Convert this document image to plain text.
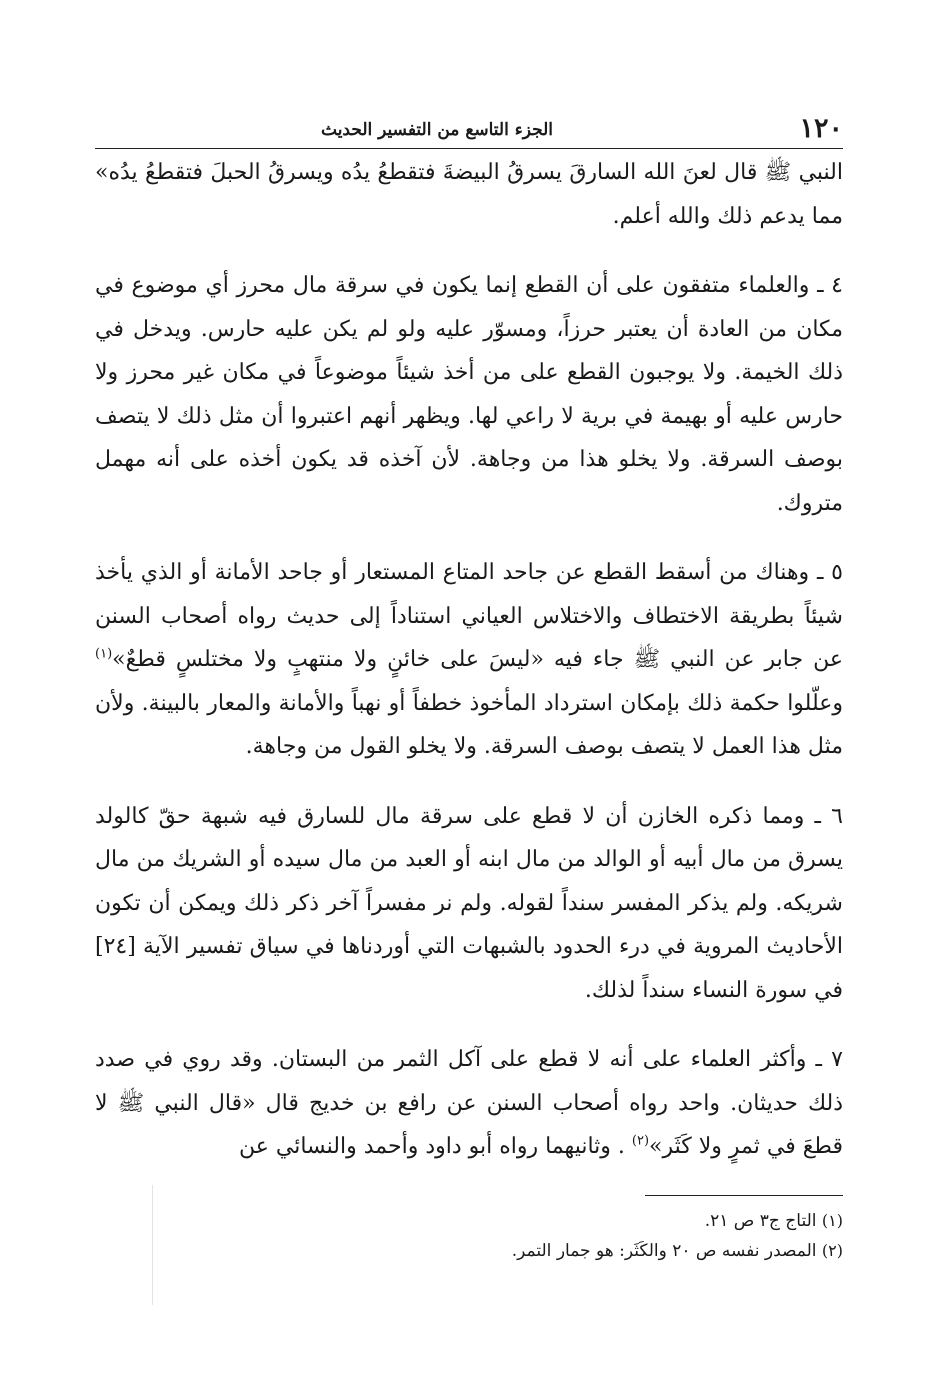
١٢٠
الجزء التاسع من التفسير الحديث

النبي ﷺ قال لعنَ الله السارقَ يسرقُ البيضةَ فتقطعُ يدُه ويسرقُ الحبلَ فتقطعُ يدُه» مما يدعم ذلك والله أعلم.

٤ ـ والعلماء متفقون على أن القطع إنما يكون في سرقة مال محرز أي موضوع في مكان من العادة أن يعتبر حرزاً، ومسوّر عليه ولو لم يكن عليه حارس. ويدخل في ذلك الخيمة. ولا يوجبون القطع على من أخذ شيئاً موضوعاً في مكان غير محرز ولا حارس عليه أو بهيمة في برية لا راعي لها. ويظهر أنهم اعتبروا أن مثل ذلك لا يتصف بوصف السرقة. ولا يخلو هذا من وجاهة. لأن آخذه قد يكون أخذه على أنه مهمل متروك.

٥ ـ وهناك من أسقط القطع عن جاحد المتاع المستعار أو جاحد الأمانة أو الذي يأخذ شيئاً بطريقة الاختطاف والاختلاس العياني استناداً إلى حديث رواه أصحاب السنن عن جابر عن النبي ﷺ جاء فيه «ليسَ على خائنٍ ولا منتهبٍ ولا مختلسٍ قطعٌ»$^{(١)}$ وعلّلوا حكمة ذلك بإمكان استرداد المأخوذ خطفاً أو نهباً والأمانة والمعار بالبينة. ولأن مثل هذا العمل لا يتصف بوصف السرقة. ولا يخلو القول من وجاهة.

٦ ـ ومما ذكره الخازن أن لا قطع على سرقة مال للسارق فيه شبهة حقّ كالولد يسرق من مال أبيه أو الوالد من مال ابنه أو العبد من مال سيده أو الشريك من مال شريكه. ولم يذكر المفسر سنداً لقوله. ولم نر مفسراً آخر ذكر ذلك ويمكن أن تكون الأحاديث المروية في درء الحدود بالشبهات التي أوردناها في سياق تفسير الآية [٢٤] في سورة النساء سنداً لذلك.

٧ ـ وأكثر العلماء على أنه لا قطع على آكل الثمر من البستان. وقد روي في صدد ذلك حديثان. واحد رواه أصحاب السنن عن رافع بن خديج قال «قال النبي ﷺ لا قطعَ في ثمرٍ ولا كَثَر»$^{(٢)}$ . وثانيهما رواه أبو داود وأحمد والنسائي عن

(١) التاج ج٣ ص ٢١.

(٢) المصدر نفسه ص ٢٠ والكَثَر: هو جمار التمر.
